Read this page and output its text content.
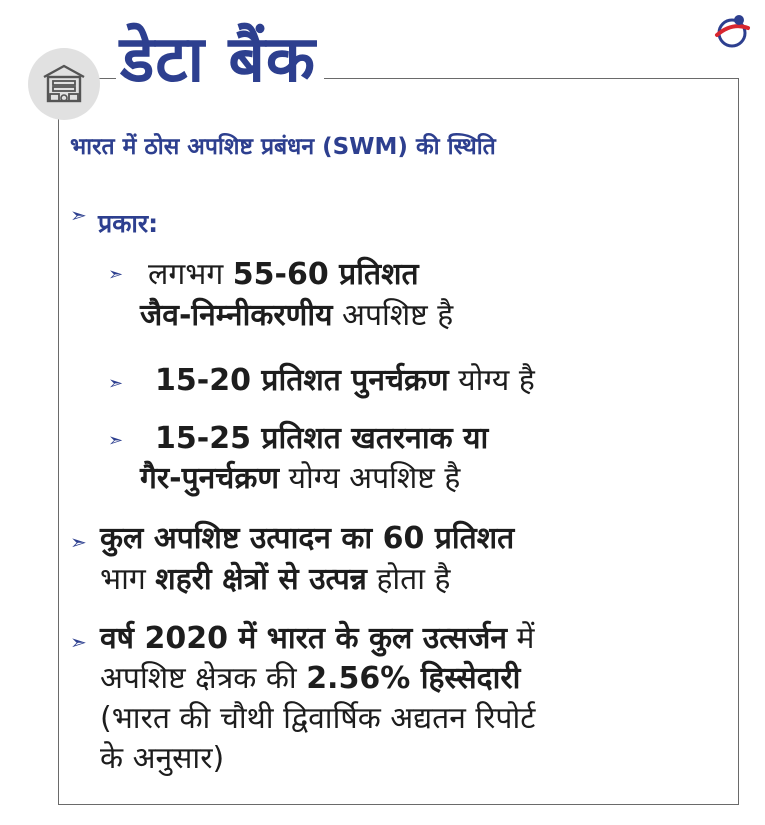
डेटा बैंक
भारत में ठोस अपशिष्ट प्रबंधन (SWM) की स्थिति
➣ प्रकार:
➣ लगभग 55-60 प्रतिशत
जैव-निम्नीकरणीय अपशिष्ट है
➣ 15-20 प्रतिशत पुनर्चक्रण योग्य है
➣ 15-25 प्रतिशत खतरनाक या
गैर-पुनर्चक्रण योग्य अपशिष्ट है
➣ कुल अपशिष्ट उत्पादन का 60 प्रतिशत
भाग शहरी क्षेत्रों से उत्पन्न होता है
➣ वर्ष 2020 में भारत के कुल उत्सर्जन में
अपशिष्ट क्षेत्रक की 2.56% हिस्सेदारी
(भारत की चौथी द्विवार्षिक अद्यतन रिपोर्ट
के अनुसार)
